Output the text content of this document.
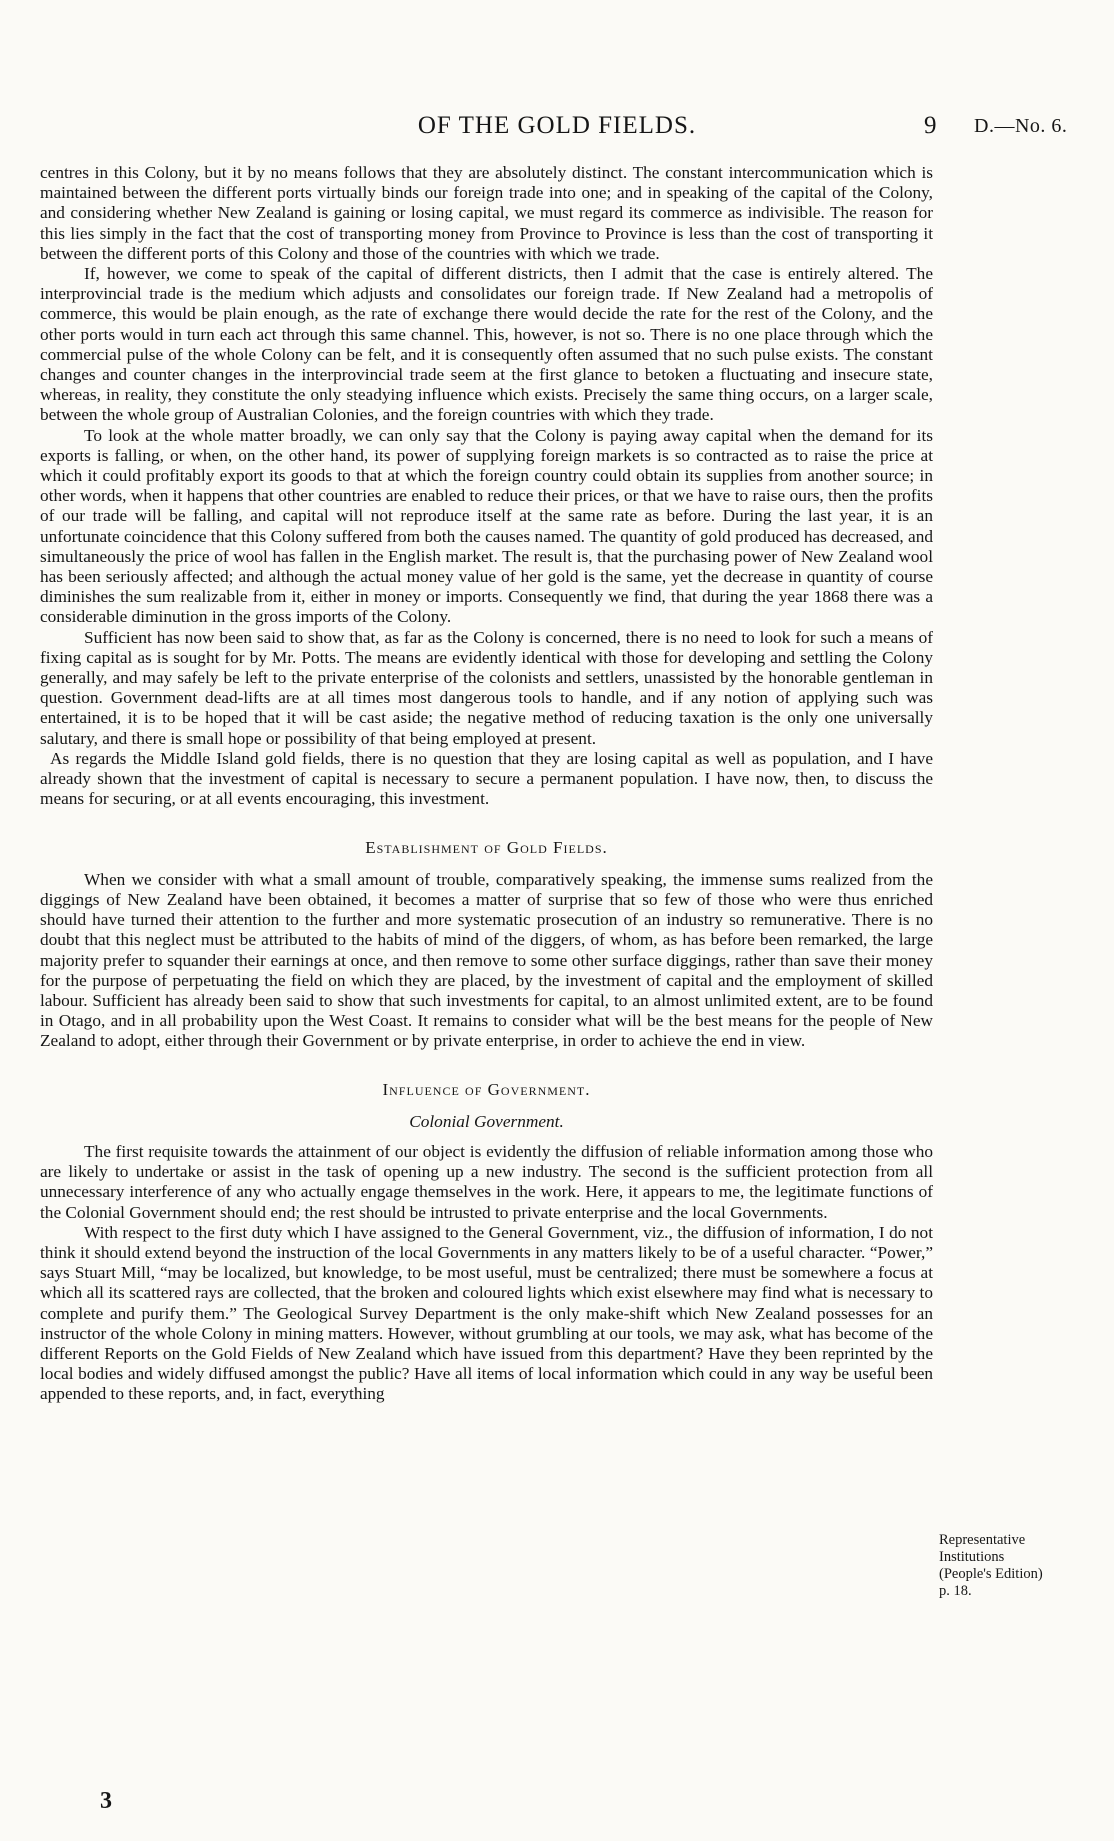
OF THE GOLD FIELDS.	9 D.—No. 6.

centres in this Colony, but it by no means follows that they are absolutely distinct. The constant intercommunication which is maintained between the different ports virtually binds our foreign trade into one; and in speaking of the capital of the Colony, and considering whether New Zealand is gaining or losing capital, we must regard its commerce as indivisible. The reason for this lies simply in the fact that the cost of transporting money from Province to Province is less than the cost of transporting it between the different ports of this Colony and those of the countries with which we trade.

If, however, we come to speak of the capital of different districts, then I admit that the case is entirely altered. The interprovincial trade is the medium which adjusts and consolidates our foreign trade. If New Zealand had a metropolis of commerce, this would be plain enough, as the rate of exchange there would decide the rate for the rest of the Colony, and the other ports would in turn each act through this same channel. This, however, is not so. There is no one place through which the commercial pulse of the whole Colony can be felt, and it is consequently often assumed that no such pulse exists. The constant changes and counter changes in the interprovincial trade seem at the first glance to betoken a fluctuating and insecure state, whereas, in reality, they constitute the only steadying influence which exists. Precisely the same thing occurs, on a larger scale, between the whole group of Australian Colonies, and the foreign countries with which they trade.

To look at the whole matter broadly, we can only say that the Colony is paying away capital when the demand for its exports is falling, or when, on the other hand, its power of supplying foreign markets is so contracted as to raise the price at which it could profitably export its goods to that at which the foreign country could obtain its supplies from another source; in other words, when it happens that other countries are enabled to reduce their prices, or that we have to raise ours, then the profits of our trade will be falling, and capital will not reproduce itself at the same rate as before. During the last year, it is an unfortunate coincidence that this Colony suffered from both the causes named. The quantity of gold produced has decreased, and simultaneously the price of wool has fallen in the English market. The result is, that the purchasing power of New Zealand wool has been seriously affected; and although the actual money value of her gold is the same, yet the decrease in quantity of course diminishes the sum realizable from it, either in money or imports. Consequently we find, that during the year 1868 there was a considerable diminution in the gross imports of the Colony.

Sufficient has now been said to show that, as far as the Colony is concerned, there is no need to look for such a means of fixing capital as is sought for by Mr. Potts. The means are evidently identical with those for developing and settling the Colony generally, and may safely be left to the private enterprise of the colonists and settlers, unassisted by the honorable gentleman in question. Government dead-lifts are at all times most dangerous tools to handle, and if any notion of applying such was entertained, it is to be hoped that it will be cast aside; the negative method of reducing taxation is the only one universally salutary, and there is small hope or possibility of that being employed at present.

As regards the Middle Island gold fields, there is no question that they are losing capital as well as population, and I have already shown that the investment of capital is necessary to secure a permanent population. I have now, then, to discuss the means for securing, or at all events encouraging, this investment.

Establishment of Gold Fields.

When we consider with what a small amount of trouble, comparatively speaking, the immense sums realized from the diggings of New Zealand have been obtained, it becomes a matter of surprise that so few of those who were thus enriched should have turned their attention to the further and more systematic prosecution of an industry so remunerative. There is no doubt that this neglect must be attributed to the habits of mind of the diggers, of whom, as has before been remarked, the large majority prefer to squander their earnings at once, and then remove to some other surface diggings, rather than save their money for the purpose of perpetuating the field on which they are placed, by the investment of capital and the employment of skilled labour. Sufficient has already been said to show that such investments for capital, to an almost unlimited extent, are to be found in Otago, and in all probability upon the West Coast. It remains to consider what will be the best means for the people of New Zealand to adopt, either through their Government or by private enterprise, in order to achieve the end in view.

Influence of Government.
Colonial Government.

The first requisite towards the attainment of our object is evidently the diffusion of reliable information among those who are likely to undertake or assist in the task of opening up a new industry. The second is the sufficient protection from all unnecessary interference of any who actually engage themselves in the work. Here, it appears to me, the legitimate functions of the Colonial Government should end; the rest should be intrusted to private enterprise and the local Governments.

With respect to the first duty which I have assigned to the General Government, viz., the diffusion of information, I do not think it should extend beyond the instruction of the local Governments in any matters likely to be of a useful character. “Power,” says Stuart Mill, “may be localized, but knowledge, to be most useful, must be centralized; there must be somewhere a focus at which all its scattered rays are collected, that the broken and coloured lights which exist elsewhere may find what is necessary to complete and purify them.” The Geological Survey Department is the only make-shift which New Zealand possesses for an instructor of the whole Colony in mining matters. However, without grumbling at our tools, we may ask, what has become of the different Reports on the Gold Fields of New Zealand which have issued from this department? Have they been reprinted by the local bodies and widely diffused amongst the public? Have all items of local information which could in any way be useful been appended to these reports, and, in fact, everything

Representative
Institutions
(People's Edition)
p. 18.
3
